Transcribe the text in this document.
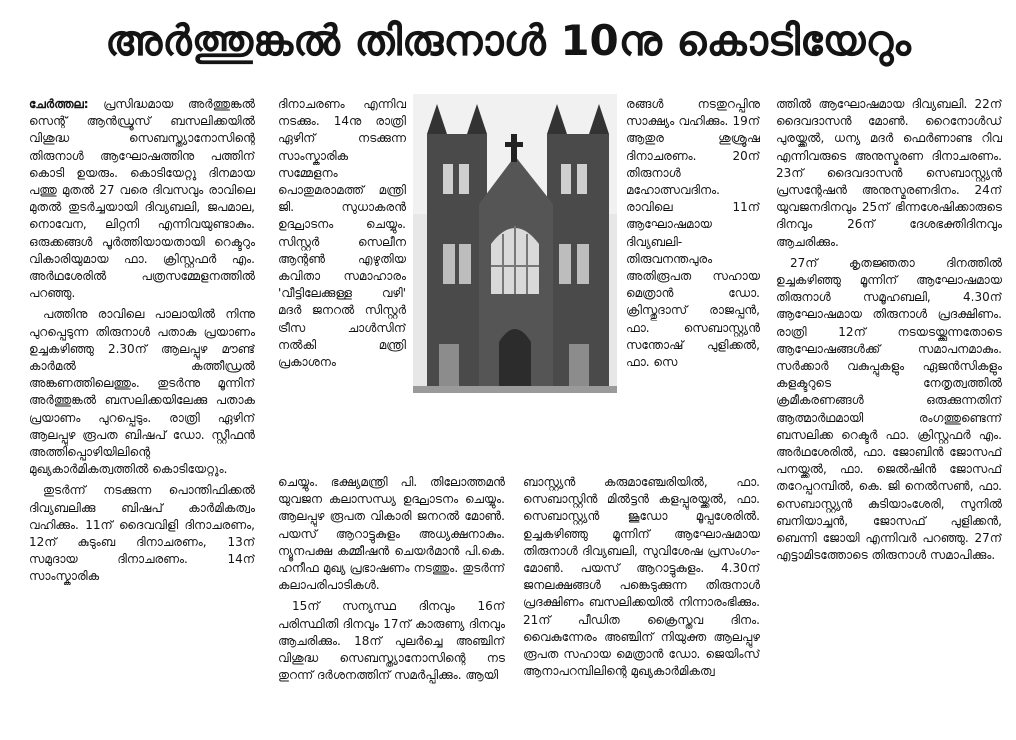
അർത്തുങ്കൽ തിരുനാൾ 10നു കൊടിയേറും

ചേർത്തല: പ്രസിദ്ധമായ അർത്തുങ്കൽ സെന്റ് ആൻഡ്രൂസ് ബസലിക്കയിൽ വിശുദ്ധ സെബസ്ത്യാനോസിന്റെ തിരുനാൾ ആഘോഷത്തിനു പത്തിന് കൊടി ഉയരും. കൊടിയേറ്റു ദിനമായ പത്തു മുതൽ 27 വരെ ദിവസവും രാവിലെ മുതൽ തുടർച്ചയായി ദിവ്യബലി, ജപമാല, നൊവേന, ലിറ്റനി എന്നിവയുണ്ടാകും. ഒരുക്കങ്ങൾ പൂർത്തിയായതായി റെക്ടറും വികാരിയുമായ ഫാ. ക്രിസ്റ്റഫർ എം. അർഥശേരിൽ പത്രസമ്മേളനത്തിൽ പറഞ്ഞു.

പത്തിനു രാവിലെ പാലായിൽ നിന്നു പുറപ്പെടുന്ന തിരുനാൾ പതാക പ്രയാണം ഉച്ചകഴിഞ്ഞു 2.30ന് ആലപ്പുഴ മൗണ്ട് കാർമൽ കത്തീഡ്രൽ അങ്കണത്തിലെത്തും. തുടർന്നു മൂന്നിന് അർത്തുങ്കൽ ബസലിക്കയിലേക്കു പതാക പ്രയാണം പുറപ്പെടും. രാത്രി ഏഴിന് ആലപ്പുഴ രൂപത ബിഷപ് ഡോ. സ്റ്റീഫൻ അത്തിപ്പൊഴിയിലിന്റെ മുഖ്യകാർമികത്വത്തിൽ കൊടിയേറ്റും.

തുടർന്ന് നടക്കുന്ന പൊന്തിഫിക്കൽ ദിവ്യബലിക്കു ബിഷപ് കാർമികത്വം വഹിക്കും. 11ന് ദൈവവിളി ദിനാചരണം, 12ന് കുടുംബ ദിനാചരണം, 13ന് സമുദായ ദിനാചരണം. 14ന് സാംസ്കാരിക

ദിനാചരണം എന്നിവ നടക്കും. 14നു രാത്രി ഏഴിന് നടക്കുന്ന സാംസ്കാരിക സമ്മേളനം പൊതുമരാമത്ത് മന്ത്രി ജി. സുധാകരൻ ഉദ്ഘാടനം ചെയ്യും. സിസ്റ്റർ സെലീന ആന്റൺ എഴുതിയ കവിതാ സമാഹാരം 'വീട്ടിലേക്കുള്ള വഴി' മദർ ജനറൽ സിസ്റ്റർ ട്രീസ ചാൾസിന് നൽകി മന്ത്രി പ്രകാശനം

രങ്ങൾ നടതുറപ്പിനു സാക്ഷ്യം വഹിക്കും. 19ന് ആതുര ശുശ്രൂഷ ദിനാചരണം. 20ന് തിരുനാൾ മഹോത്സവദിനം. രാവിലെ 11ന് ആഘോഷമായ ദിവ്യബലി- തിരുവനന്തപുരം അതിരൂപത സഹായ മെത്രാൻ ഡോ. ക്രിസ്തുദാസ് രാജപ്പൻ, ഫാ. സെബാസ്റ്റ്യൻ സന്തോഷ് പുളിക്കൽ, ഫാ. സെ

ചെയ്യും. ഭക്ഷ്യമന്ത്രി പി. തിലോത്തമൻ യുവജന കലാസന്ധ്യ ഉദ്ഘാടനം ചെയ്യും. ആലപ്പുഴ രൂപത വികാരി ജനറൽ മോൺ. പയസ് ആറാട്ടുകുളം അധ്യക്ഷനാകും. ന്യൂനപക്ഷ കമ്മീഷൻ ചെയർമാൻ പി.കെ. ഹനീഫ മുഖ്യ പ്രഭാഷണം നടത്തും. തുടർന്ന് കലാപരിപാടികൾ.

15ന് സന്യസ്ഥ ദിനവും 16ന് പരിസ്ഥിതി ദിനവും 17ന് കാരുണ്യ ദിനവും ആചരിക്കും. 18ന് പുലർച്ചെ അഞ്ചിന് വിശുദ്ധ സെബസ്ത്യാനോസിന്റെ നട തുറന്ന് ദർശനത്തിന് സമർപ്പിക്കും. ആയി

ബാസ്റ്റ്യൻ കരുമാഞ്ചേരിയിൽ, ഫാ. സെബാസ്റ്റിൻ മിൽട്ടൻ കളപ്പുരയ്ക്കൽ, ഫാ. സെബാസ്റ്റ്യൻ ജൂഡോ മൂപ്പശേരിൽ. ഉച്ചകഴിഞ്ഞു മൂന്നിന് ആഘോഷമായ തിരുനാൾ ദിവ്യബലി, സുവിശേഷ പ്രസംഗം-മോൺ. പയസ് ആറാട്ടുകുളം. 4.30ന് ജനലക്ഷങ്ങൾ പങ്കെടുക്കുന്ന തിരുനാൾ പ്രദക്ഷിണം ബസലിക്കയിൽ നിന്നാരംഭിക്കും. 21ന് പീഡിത ക്രൈസ്തവ ദിനം. വൈകുന്നേരം അഞ്ചിന് നിയുക്ത ആലപ്പുഴ രൂപത സഹായ മെത്രാൻ ഡോ. ജെയിംസ് ആനാപറമ്പിലിന്റെ മുഖ്യകാർമികത്വ

ത്തിൽ ആഘോഷമായ ദിവ്യബലി. 22ന് ദൈവദാസൻ മോൺ. റൈനോൾഡ് പുരയ്ക്കൽ, ധന്യ മദർ ഫെർണാണ്ട റിവ എന്നിവരുടെ അനുസ്മരണ ദിനാചരണം. 23ന് ദൈവദാസൻ സെബാസ്റ്റ്യൻ പ്രസന്റേഷൻ അനുസ്മരണദിനം. 24ന് യുവജനദിനവും 25ന് ഭിന്നശേഷിക്കാരുടെ ദിനവും 26ന് ദേശഭക്തിദിനവും ആചരിക്കും.

27ന് കൃതജ്ഞതാ ദിനത്തിൽ ഉച്ചകഴിഞ്ഞു മൂന്നിന് ആഘോഷമായ തിരുനാൾ സമൂഹബലി, 4.30ന് ആഘോഷമായ തിരുനാൾ പ്രദക്ഷിണം. രാത്രി 12ന് നടയടയ്ക്കുന്നതോടെ ആഘോഷങ്ങൾക്ക് സമാപനമാകും. സർക്കാർ വകുപ്പുകളും ഏജൻസികളും കളക്ടറുടെ നേതൃത്വത്തിൽ ക്രമീകരണങ്ങൾ ഒരുക്കുന്നതിന് ആത്മാർഥമായി രംഗത്തുണ്ടെന്ന് ബസലിക്ക റെക്ടർ ഫാ. ക്രിസ്റ്റഫർ എം. അർഥശേരിൽ, ഫാ. ജോബിൻ ജോസഫ് പനയ്ക്കൽ, ഫാ. ജെൽഷിൻ ജോസഫ് തറേപ്പറമ്പിൽ, കെ. ജി നെൽസൺ, ഫാ. സെബാസ്റ്റ്യൻ കുടിയാംശേരി, സുനിൽ ബനിയാച്ചൻ, ജോസഫ് പുളിക്കൻ, ബെന്നി ജോയി എന്നിവർ പറഞ്ഞു. 27ന് എട്ടാമിടത്തോടെ തിരുനാൾ സമാപിക്കും.
